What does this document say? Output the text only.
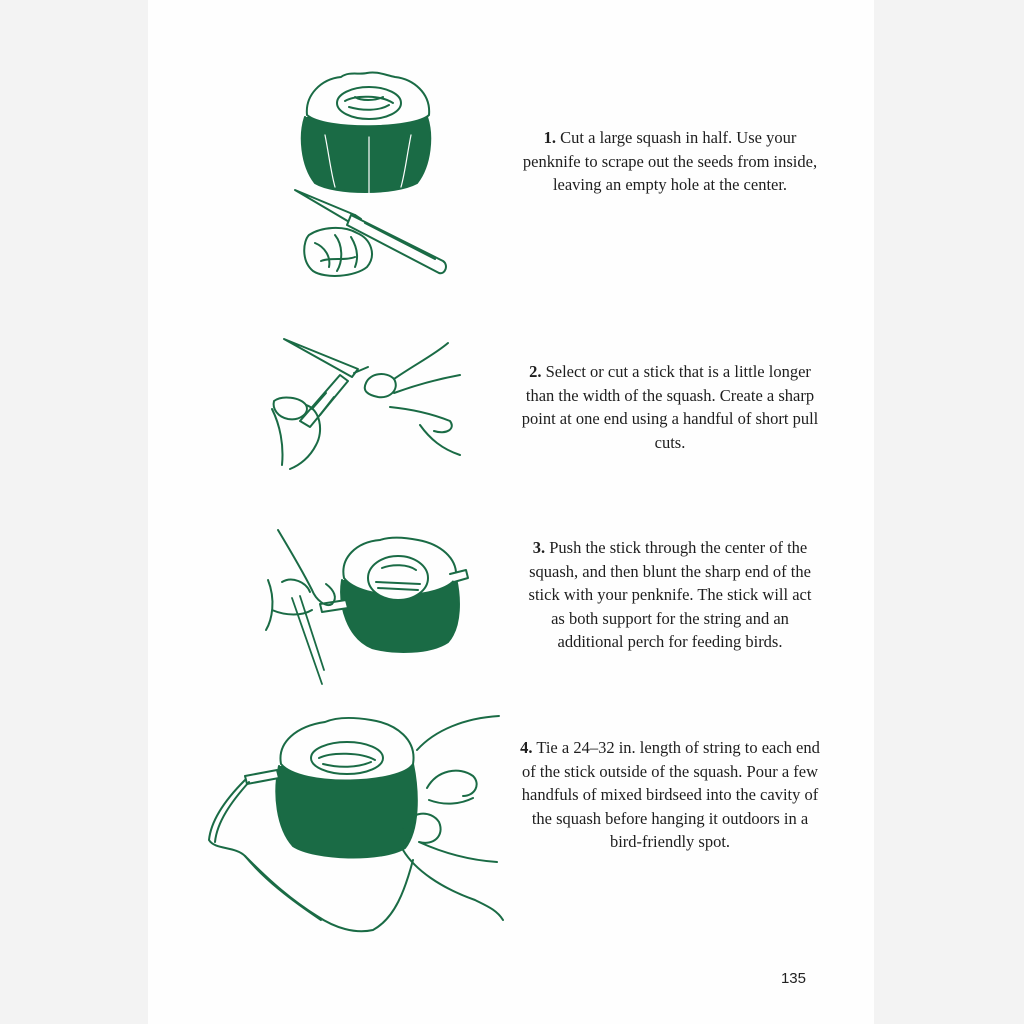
1. Cut a large squash in half. Use your penknife to scrape out the seeds from inside, leaving an empty hole at the center.
2. Select or cut a stick that is a little longer than the width of the squash. Create a sharp point at one end using a handful of short pull cuts.
3. Push the stick through the center of the squash, and then blunt the sharp end of the stick with your penknife. The stick will act as both support for the string and an additional perch for feeding birds.
4. Tie a 24–32 in. length of string to each end of the stick outside of the squash. Pour a few handfuls of mixed birdseed into the cavity of the squash before hanging it outdoors in a bird-friendly spot.
135
